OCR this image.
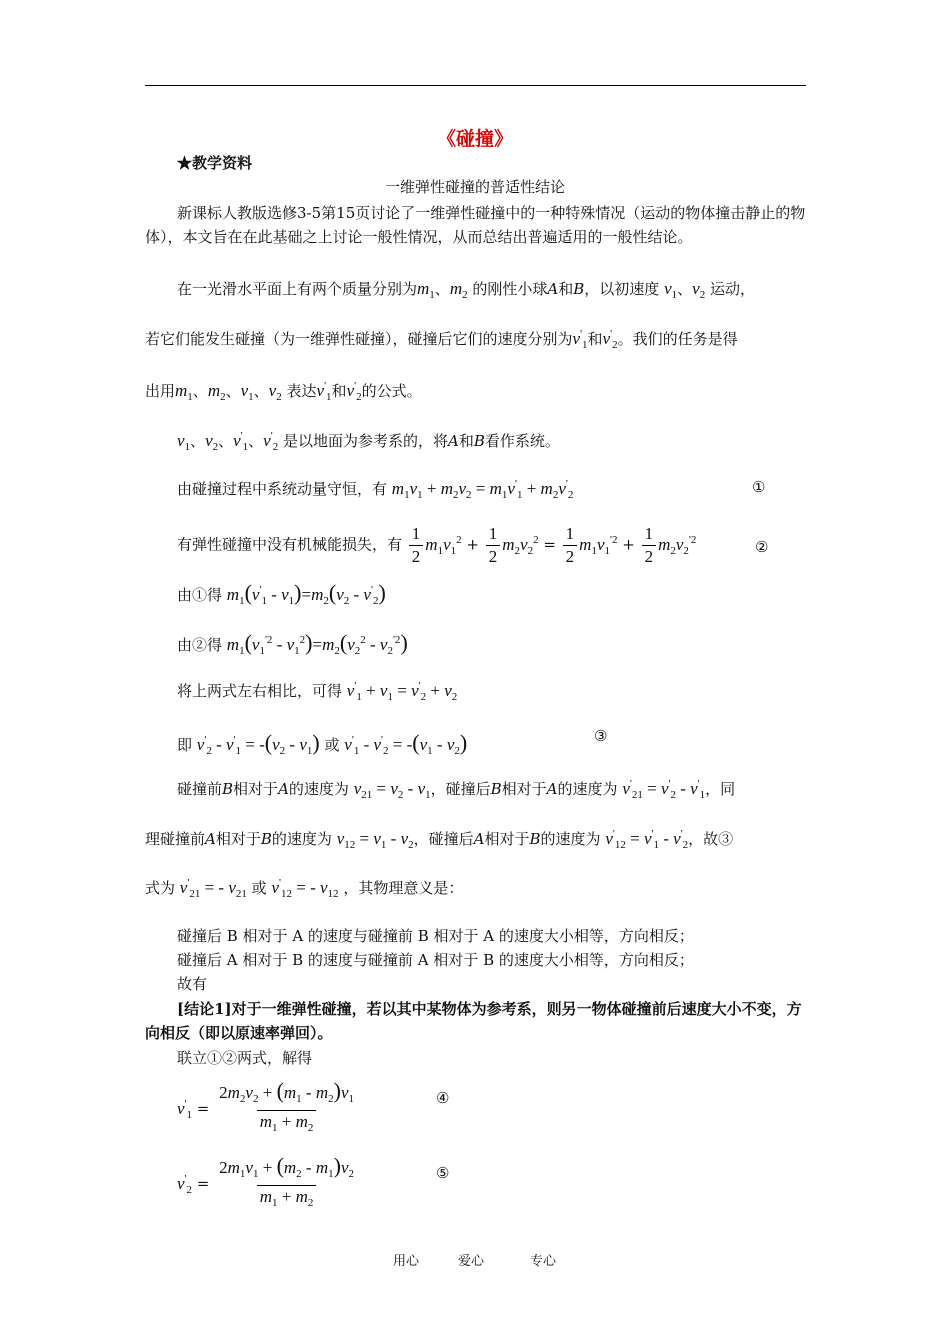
《碰撞》
★教学资料
一维弹性碰撞的普适性结论
新课标人教版选修3-5第15页讨论了一维弹性碰撞中的一种特殊情况（运动的物体撞击静止的物体），本文旨在在此基础之上讨论一般性情况，从而总结出普遍适用的一般性结论。
在一光滑水平面上有两个质量分别为$m_1$、$m_2$ 的刚性小球A和B，以初速度 $v_1$、$v_2$ 运动，
若它们能发生碰撞（为一维弹性碰撞），碰撞后它们的速度分别为$v'_1$和$v'_2$。我们的任务是得
出用$m_1$、$m_2$、$v_1$、$v_2$ 表达$v'_1$和$v'_2$的公式。
$v_1$、$v_2$、$v'_1$、$v'_2$ 是以地面为参考系的，将A和B看作系统。
由碰撞过程中系统动量守恒，有 $m_1v_1 + m_2v_2 = m_1v'_1 + m_2v'_2$	①
有弹性碰撞中没有机械能损失，有 $\frac{1}{2} m_1v_1^2 + \frac{1}{2} m_2v_2^2 = \frac{1}{2} m_1v_1^{'2} + \frac{1}{2} m_2v_2^{'2}$	②
由①得 $m_1(v'_1 - v_1)=m_2(v_2 - v'_2)$
由②得 $m_1(v_1^{'2} - v_1^2)=m_2(v_2^2 - v_2^{'2})$
将上两式左右相比，可得 $v'_1 + v_1 = v'_2 + v_2$
即 $v'_2 - v'_1 = -(v_2 - v_1)$ 或 $v'_1 - v'_2 = -(v_1 - v_2)$	③
碰撞前B相对于A的速度为 $v_{21} = v_2 - v_1$，碰撞后B相对于A的速度为 $v'_{21} = v'_2 - v'_1$，同
理碰撞前A相对于B的速度为 $v_{12} = v_1 - v_2$，碰撞后A相对于B的速度为 $v'_{12} = v'_1 - v'_2$，故③
式为 $v'_{21}$ = - $v_{21}$ 或 $v'_{12}$ = - $v_{12}$ ，其物理意义是：
碰撞后 B 相对于 A 的速度与碰撞前 B 相对于 A 的速度大小相等，方向相反；
碰撞后 A 相对于 B 的速度与碰撞前 A 相对于 B 的速度大小相等，方向相反；
故有
[结论1]对于一维弹性碰撞，若以其中某物体为参考系，则另一物体碰撞前后速度大小不变，方向相反（即以原速率弹回）。
联立①②两式，解得
$v'_1 = \frac{2m_2v_2 + (m_1 - m_2)v_1}{m_1 + m_2}$	④
$v'_2 = \frac{2m_1v_1 + (m_2 - m_1)v_2}{m_1 + m_2}$	⑤
用心	爱心	专心
